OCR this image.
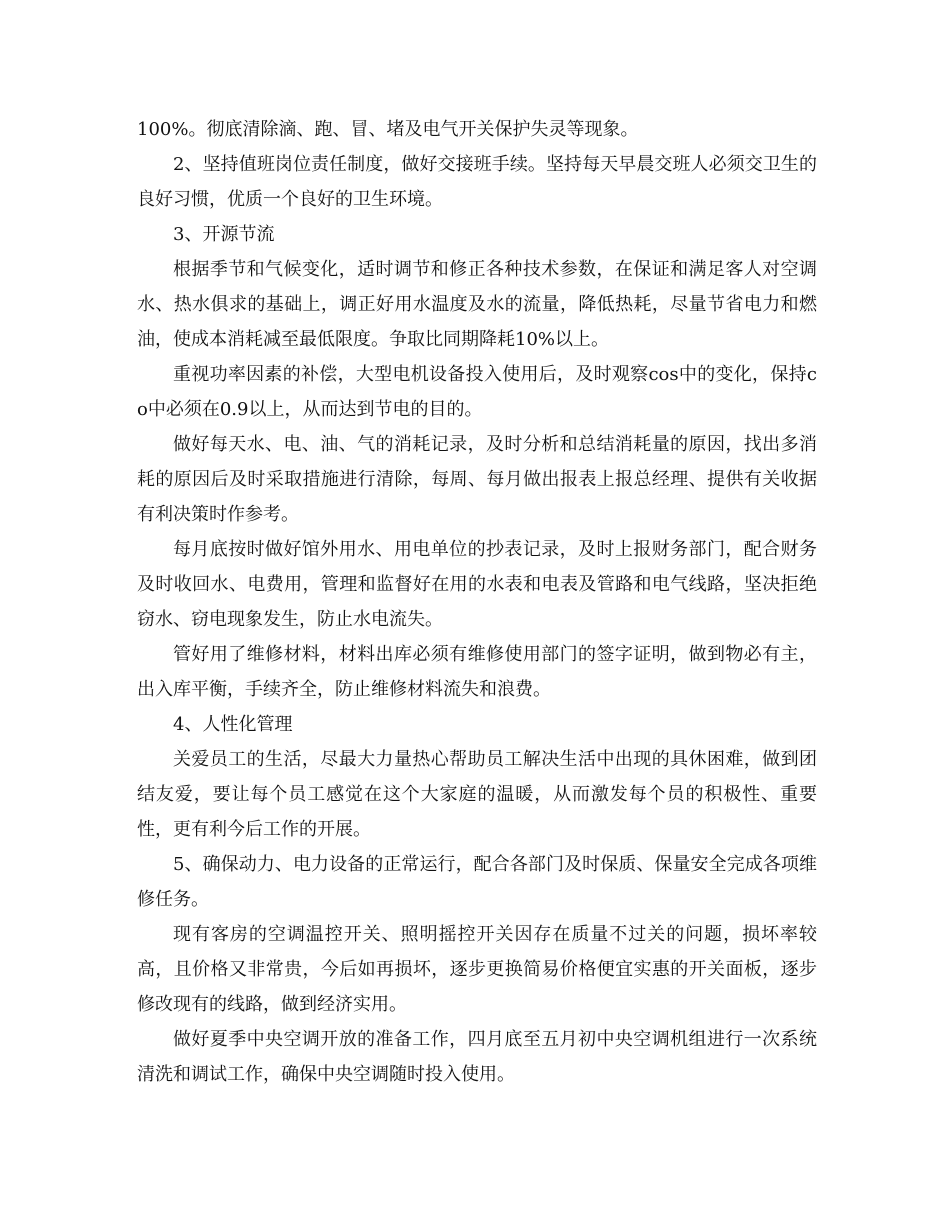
100%。彻底清除滴、跑、冒、堵及电气开关保护失灵等现象。

2、坚持值班岗位责任制度，做好交接班手续。坚持每天早晨交班人必须交卫生的良好习惯，优质一个良好的卫生环境。

3、开源节流

根据季节和气候变化，适时调节和修正各种技术参数，在保证和满足客人对空调水、热水俱求的基础上，调正好用水温度及水的流量，降低热耗，尽量节省电力和燃油，使成本消耗减至最低限度。争取比同期降耗10%以上。

重视功率因素的补偿，大型电机设备投入使用后，及时观察cos中的变化，保持co中必须在0.9以上，从而达到节电的目的。

做好每天水、电、油、气的消耗记录，及时分析和总结消耗量的原因，找出多消耗的原因后及时采取措施进行清除，每周、每月做出报表上报总经理、提供有关收据有利决策时作参考。

每月底按时做好馆外用水、用电单位的抄表记录，及时上报财务部门，配合财务及时收回水、电费用，管理和监督好在用的水表和电表及管路和电气线路，坚决拒绝窃水、窃电现象发生，防止水电流失。

管好用了维修材料，材料出库必须有维修使用部门的签字证明，做到物必有主，出入库平衡，手续齐全，防止维修材料流失和浪费。

4、人性化管理

关爱员工的生活，尽最大力量热心帮助员工解决生活中出现的具休困难，做到团结友爱，要让每个员工感觉在这个大家庭的温暖，从而激发每个员的积极性、重要性，更有利今后工作的开展。

5、确保动力、电力设备的正常运行，配合各部门及时保质、保量安全完成各项维修任务。

现有客房的空调温控开关、照明摇控开关因存在质量不过关的问题，损坏率较高，且价格又非常贵，今后如再损坏，逐步更换简易价格便宜实惠的开关面板，逐步修改现有的线路，做到经济实用。

做好夏季中央空调开放的准备工作，四月底至五月初中央空调机组进行一次系统清洗和调试工作，确保中央空调随时投入使用。
